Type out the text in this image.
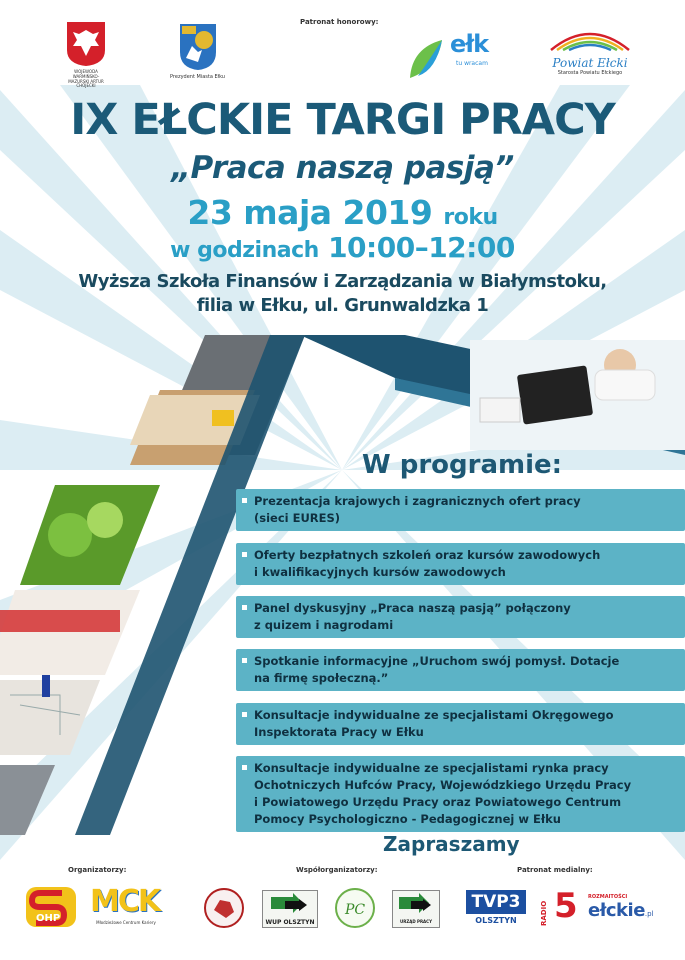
Patronat honorowy:
WOJEWODA WARMIŃSKO-MAZURSKI ARTUR CHOJECKI
Prezydent Miasta Ełku
ełk
tu wracam	Powiat Ełcki
Starosta Powiatu Ełckiego
IX EŁCKIE TARGI PRACY
„Praca naszą pasją”
23 maja 2019 roku
w godzinach 10:00–12:00
Wyższa Szkoła Finansów i Zarządzania w Białymstoku,
filia w Ełku, ul. Grunwaldzka 1
W programie:
Prezentacja krajowych i zagranicznych ofert pracy
(sieci EURES)
Oferty bezpłatnych szkoleń oraz kursów zawodowych
i kwalifikacyjnych kursów zawodowych
Panel dyskusyjny „Praca naszą pasją” połączony
z quizem i nagrodami
Spotkanie informacyjne „Uruchom swój pomysł. Dotacje
na firmę społeczną.”
Konsultacje indywidualne ze specjalistami Okręgowego
Inspektorata Pracy w Ełku
Konsultacje indywidualne ze specjalistami rynka pracy
Ochotniczych Hufców Pracy, Wojewódzkiego Urzędu Pracy
i Powiatowego Urzędu Pracy oraz Powiatowego Centrum
Pomocy Psychologiczno - Pedagogicznej w Ełku
Zapraszamy
Organizatorzy:	Współorganizatorzy:	Patronat medialny:
OHP MCK
Młodzieżowe Centrum Kariery	WUP OLSZTYN
PC
URZĄD PRACY
TVP3
OLSZTYN	RADIO 5 ROZMAITOŚCI
ełckie.pl
